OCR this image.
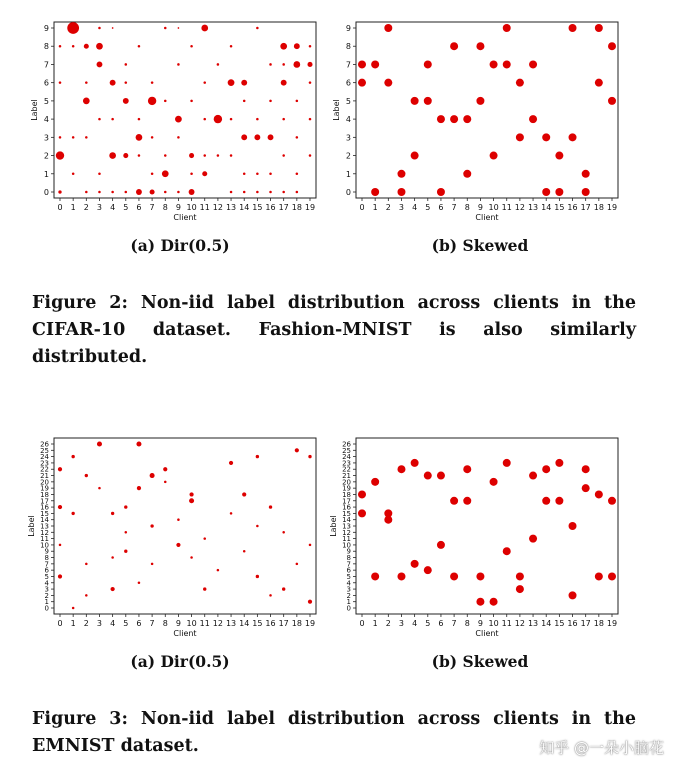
0 1 2 3 4 5 6 7 8 9 10 11 12 13 14 15 16 17 18 19
0
1
2
3
4
5
6
7
8
9
Client
Label
0 1 2 3 4 5 6 7 8 9 10 11 12 13 14 15 16 17 18 19
0
1
2
3
4
5
6
7
8
9
Client
Label
(a) Dir(0.5)	(b) Skewed
Figure 2: Non-iid label distribution across clients in the CIFAR-10 dataset. Fashion-MNIST is also similarly distributed.
0 1 2 3 4 5 6 7 8 9 10 11 12 13 14 15 16 17 18 19
0
1
2
3
4
5
6
7
8
9
10
11
12
13
14
15
16
17
18
19
20
21
22
23
24
25
26
Client
Label
0 1 2 3 4 5 6 7 8 9 10 11 12 13 14 15 16 17 18 19
0
1
2
3
4
5
6
7
8
9
10
11
12
13
14
15
16
17
18
19
20
21
22
23
24
25
26
Client
Label
(a) Dir(0.5)	(b) Skewed
Figure 3: Non-iid label distribution across clients in the EMNIST dataset.	知乎 @一朵小脑花
